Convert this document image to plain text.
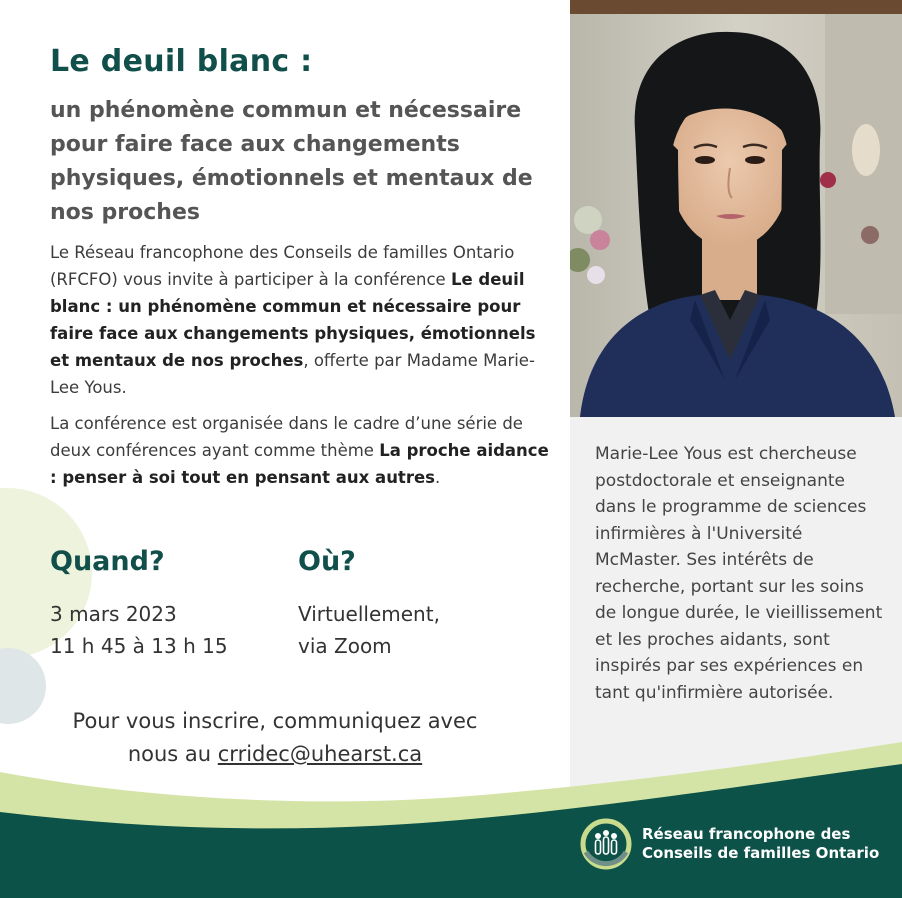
Le deuil blanc :
un phénomène commun et nécessaire pour faire face aux changements physiques, émotionnels et mentaux de nos proches

Le Réseau francophone des Conseils de familles Ontario (RFCFO) vous invite à participer à la conférence Le deuil blanc : un phénomène commun et nécessaire pour faire face aux changements physiques, émotionnels et mentaux de nos proches, offerte par Madame Marie-Lee Yous.

La conférence est organisée dans le cadre d’une série de deux conférences ayant comme thème La proche aidance : penser à soi tout en pensant aux autres.

Quand?
3 mars 2023
11 h 45 à 13 h 15
Où?
Virtuellement,
via Zoom
Pour vous inscrire, communiquez avec
nous au crridec@uhearst.ca

Marie-Lee Yous est chercheuse postdoctorale et enseignante dans le programme de sciences infirmières à l'Université McMaster. Ses intérêts de recherche, portant sur les soins de longue durée, le vieillissement et les proches aidants, sont inspirés par ses expériences en tant qu'infirmière autorisée.

Réseau francophone des
Conseils de familles Ontario
